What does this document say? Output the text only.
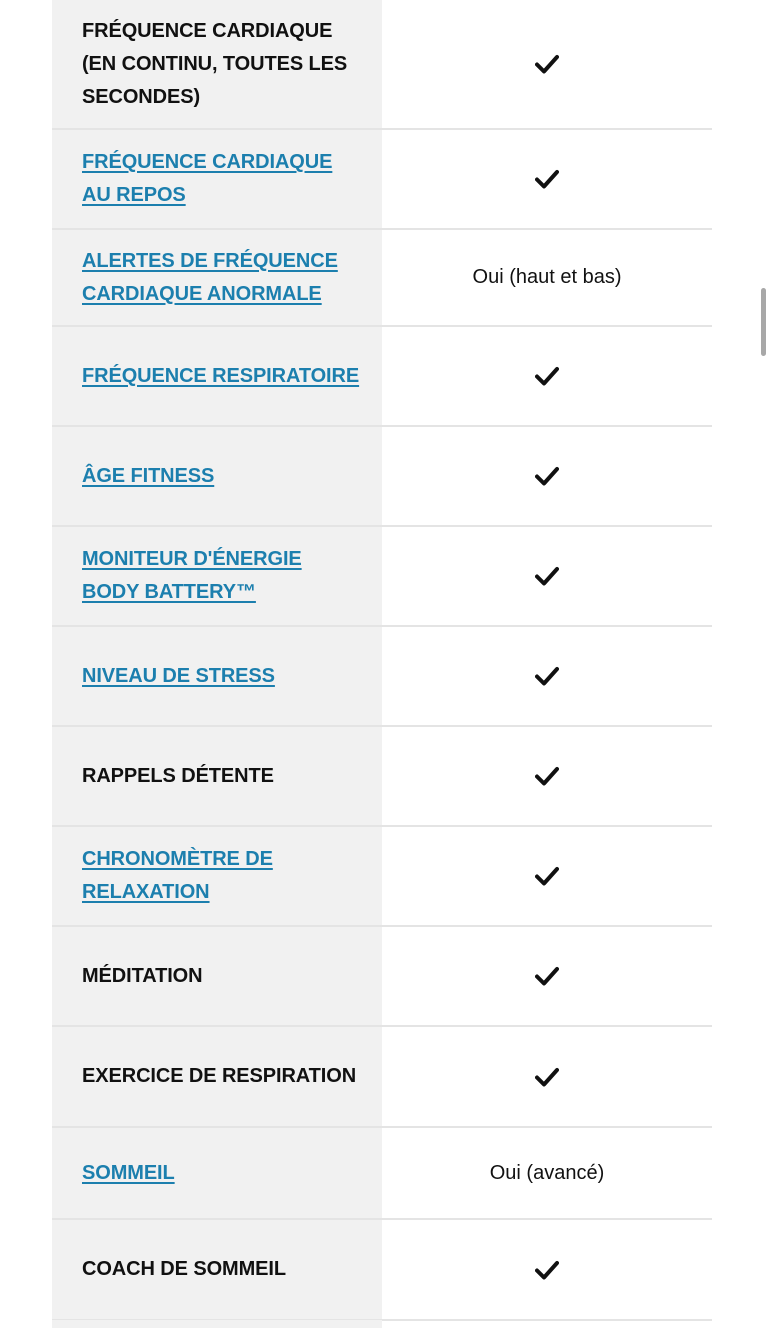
FRÉQUENCE CARDIAQUE (EN CONTINU, TOUTES LES SECONDES)
FRÉQUENCE CARDIAQUE AU REPOS
ALERTES DE FRÉQUENCE CARDIAQUE ANORMALE
Oui (haut et bas)
FRÉQUENCE RESPIRATOIRE
ÂGE FITNESS
MONITEUR D'ÉNERGIE BODY BATTERY™
NIVEAU DE STRESS
RAPPELS DÉTENTE
CHRONOMÈTRE DE RELAXATION
MÉDITATION
EXERCICE DE RESPIRATION
SOMMEIL	Oui (avancé)
COACH DE SOMMEIL
